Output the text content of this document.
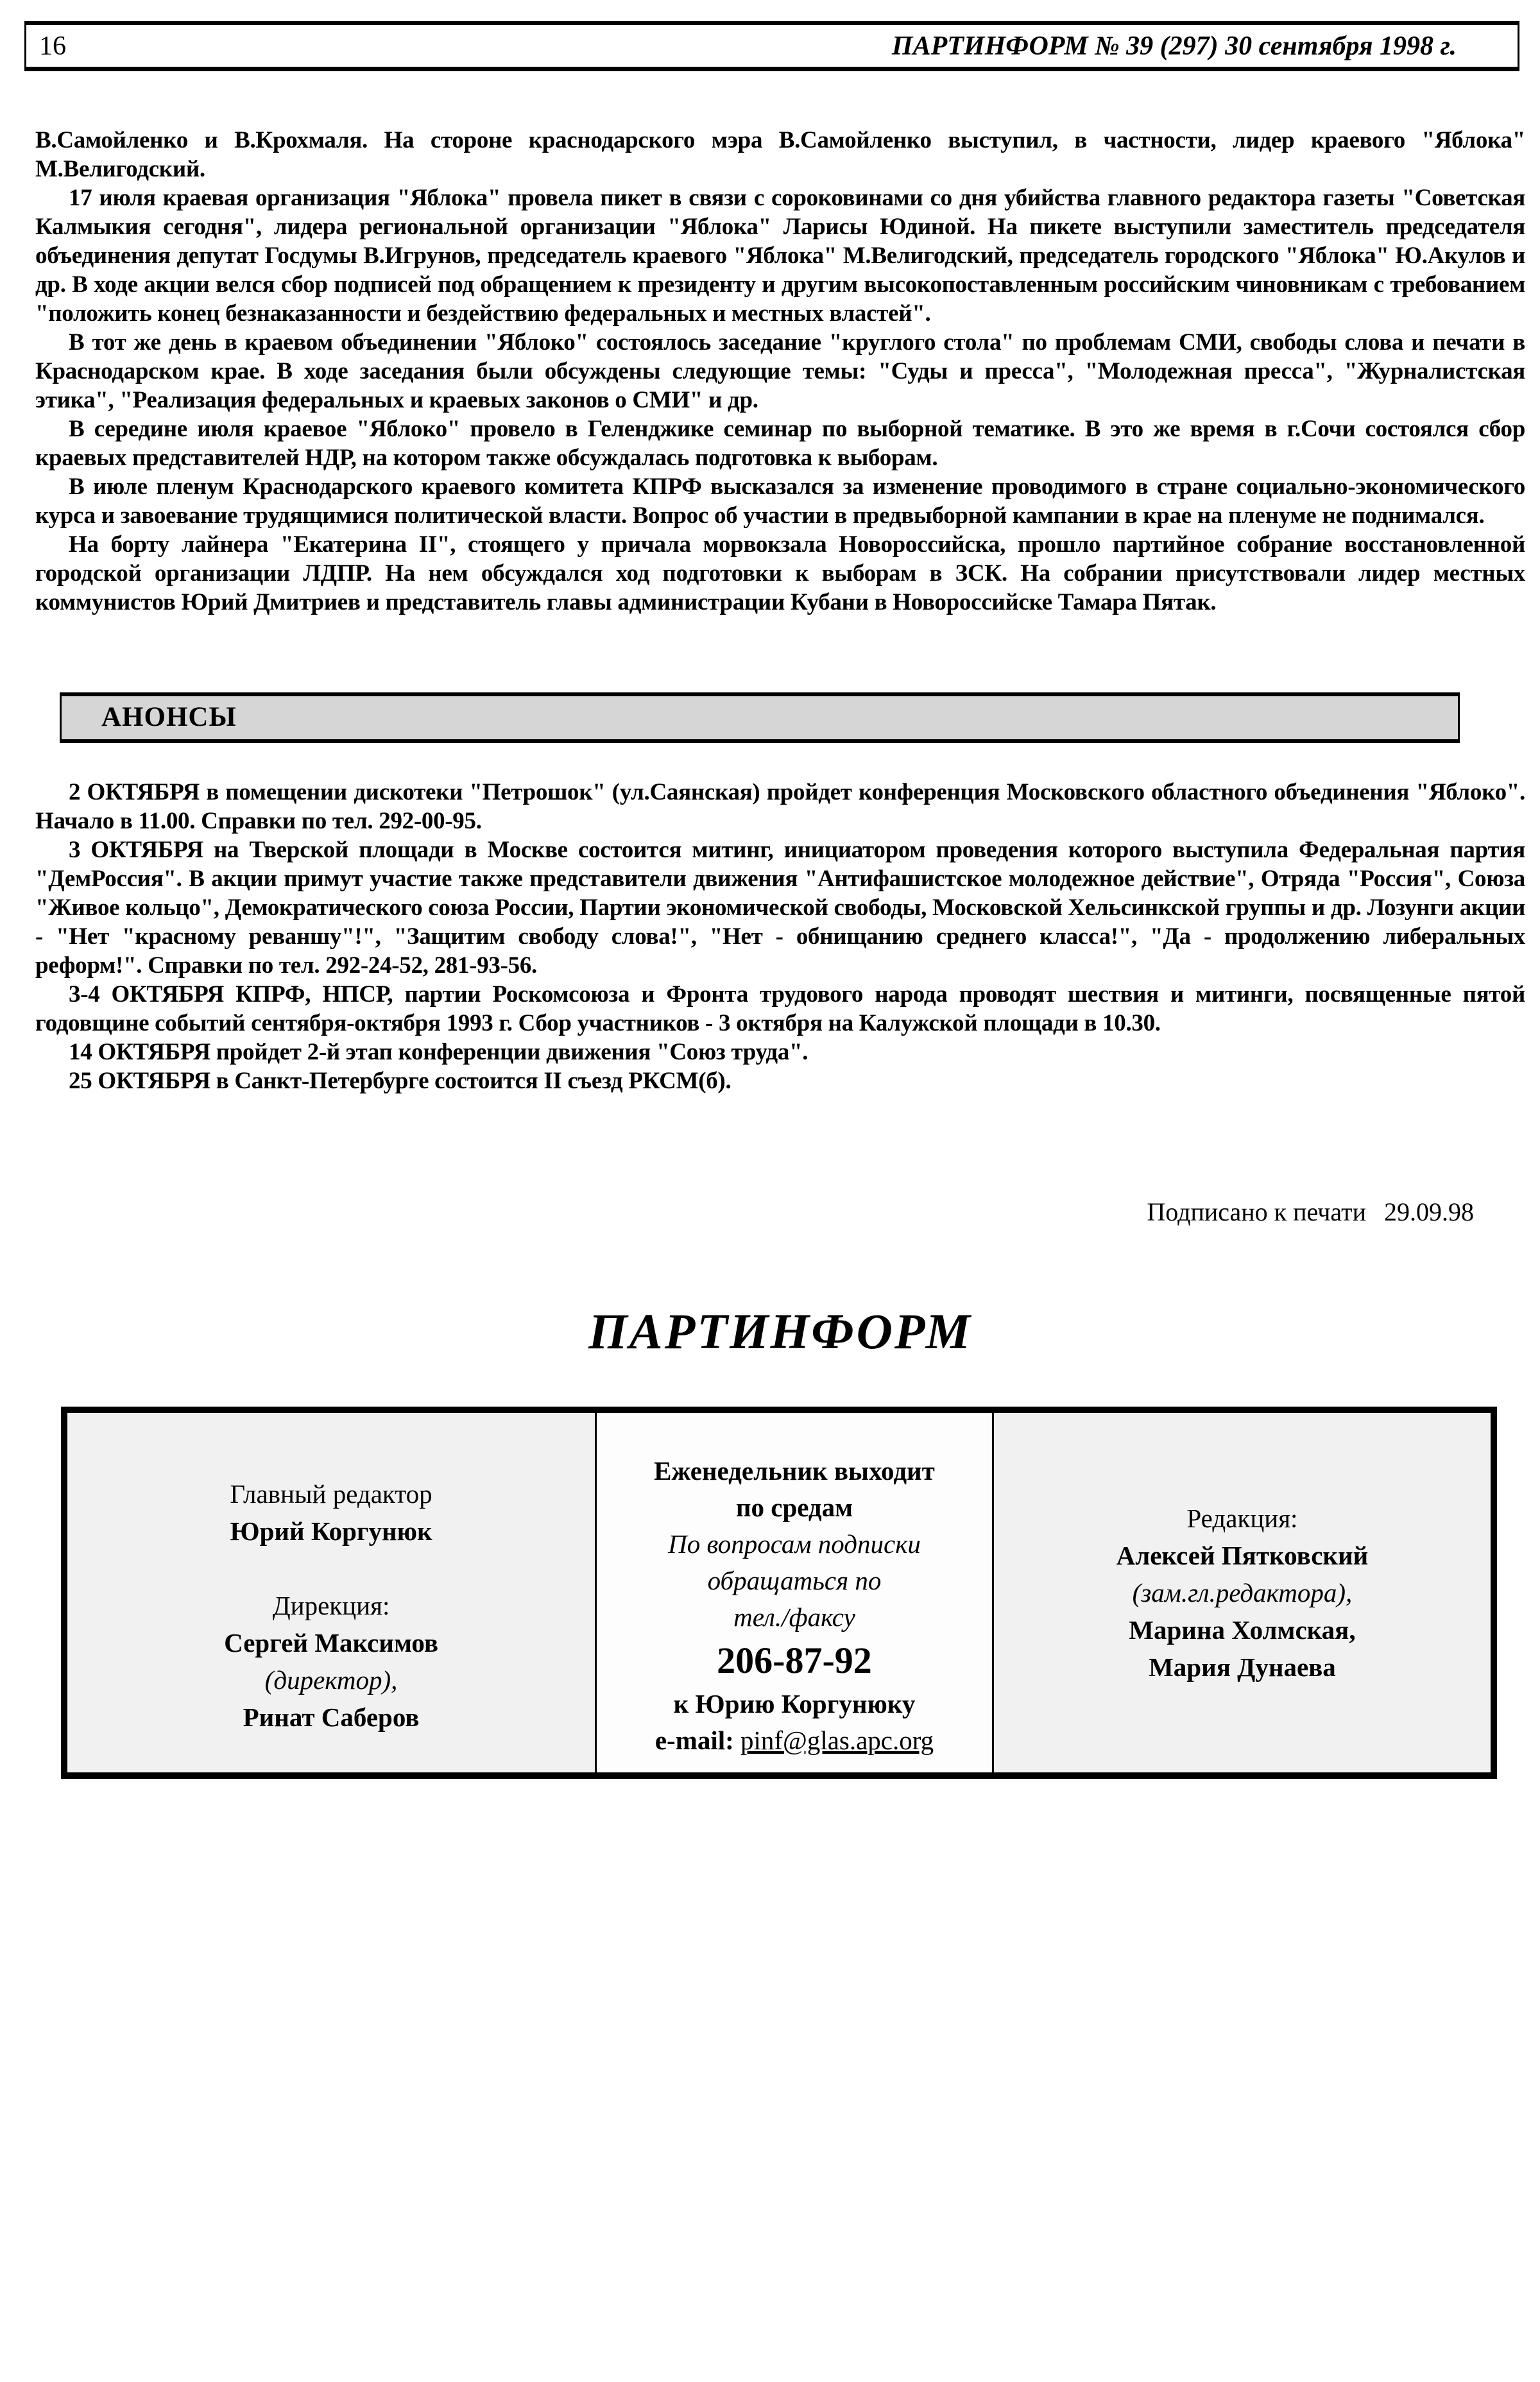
16	ПАРТИНФОРМ № 39 (297) 30 сентября 1998 г.

В.Самойленко и В.Крохмаля. На стороне краснодарского мэра В.Самойленко выступил, в частности, лидер краевого "Яблока" М.Велигодский.

17 июля краевая организация "Яблока" провела пикет в связи с сороковинами со дня убийства главного редактора газеты "Советская Калмыкия сегодня", лидера региональной организации "Яблока" Ларисы Юдиной. На пикете выступили заместитель председателя объединения депутат Госдумы В.Игрунов, председатель краевого "Яблока" М.Велигодский, председатель городского "Яблока" Ю.Акулов и др. В ходе акции велся сбор подписей под обращением к президенту и другим высокопоставленным российским чиновникам с требованием "положить конец безнаказанности и бездействию федеральных и местных властей".

В тот же день в краевом объединении "Яблоко" состоялось заседание "круглого стола" по проблемам СМИ, свободы слова и печати в Краснодарском крае. В ходе заседания были обсуждены следующие темы: "Суды и пресса", "Молодежная пресса", "Журналистская этика", "Реализация федеральных и краевых законов о СМИ" и др.

В середине июля краевое "Яблоко" провело в Геленджике семинар по выборной тематике. В это же время в г.Сочи состоялся сбор краевых представителей НДР, на котором также обсуждалась подготовка к выборам.

В июле пленум Краснодарского краевого комитета КПРФ высказался за изменение проводимого в стране социально-экономического курса и завоевание трудящимися политической власти. Вопрос об участии в предвыборной кампании в крае на пленуме не поднимался.

На борту лайнера "Екатерина II", стоящего у причала морвокзала Новороссийска, прошло партийное собрание восстановленной городской организации ЛДПР. На нем обсуждался ход подготовки к выборам в ЗСК. На собрании присутствовали лидер местных коммунистов Юрий Дмитриев и представитель главы администрации Кубани в Новороссийске Тамара Пятак.

АНОНСЫ

2 ОКТЯБРЯ в помещении дискотеки "Петрошок" (ул.Саянская) пройдет конференция Московского областного объединения "Яблоко". Начало в 11.00. Справки по тел. 292-00-95.

3 ОКТЯБРЯ на Тверской площади в Москве состоится митинг, инициатором проведения которого выступила Федеральная партия "ДемРоссия". В акции примут участие также представители движения "Антифашистское молодежное действие", Отряда "Россия", Союза "Живое кольцо", Демократического союза России, Партии экономической свободы, Московской Хельсинкской группы и др. Лозунги акции - "Нет "красному реваншу"!", "Защитим свободу слова!", "Нет - обнищанию среднего класса!", "Да - продолжению либеральных реформ!". Справки по тел. 292-24-52, 281-93-56.

3-4 ОКТЯБРЯ КПРФ, НПСР, партии Роскомсоюза и Фронта трудового народа проводят шествия и митинги, посвященные пятой годовщине событий сентября-октября 1993 г. Сбор участников - 3 октября на Калужской площади в 10.30.

14 ОКТЯБРЯ пройдет 2-й этап конференции движения "Союз труда".

25 ОКТЯБРЯ в Санкт-Петербурге состоится II съезд РКСМ(б).

Подписано к печати 29.09.98
ПАРТИНФОРМ
Главный редактор
Юрий Коргунюк
Дирекция:
Сергей Максимов
(директор),
Ринат Саберов
Еженедельник выходит
по средам
По вопросам подписки
обращаться по
тел./факсу
206-87-92
к Юрию Коргунюку
e-mail: pinf@glas.apc.org
Редакция:
Алексей Пятковский
(зам.гл.редактора),
Марина Холмская,
Мария Дунаева
